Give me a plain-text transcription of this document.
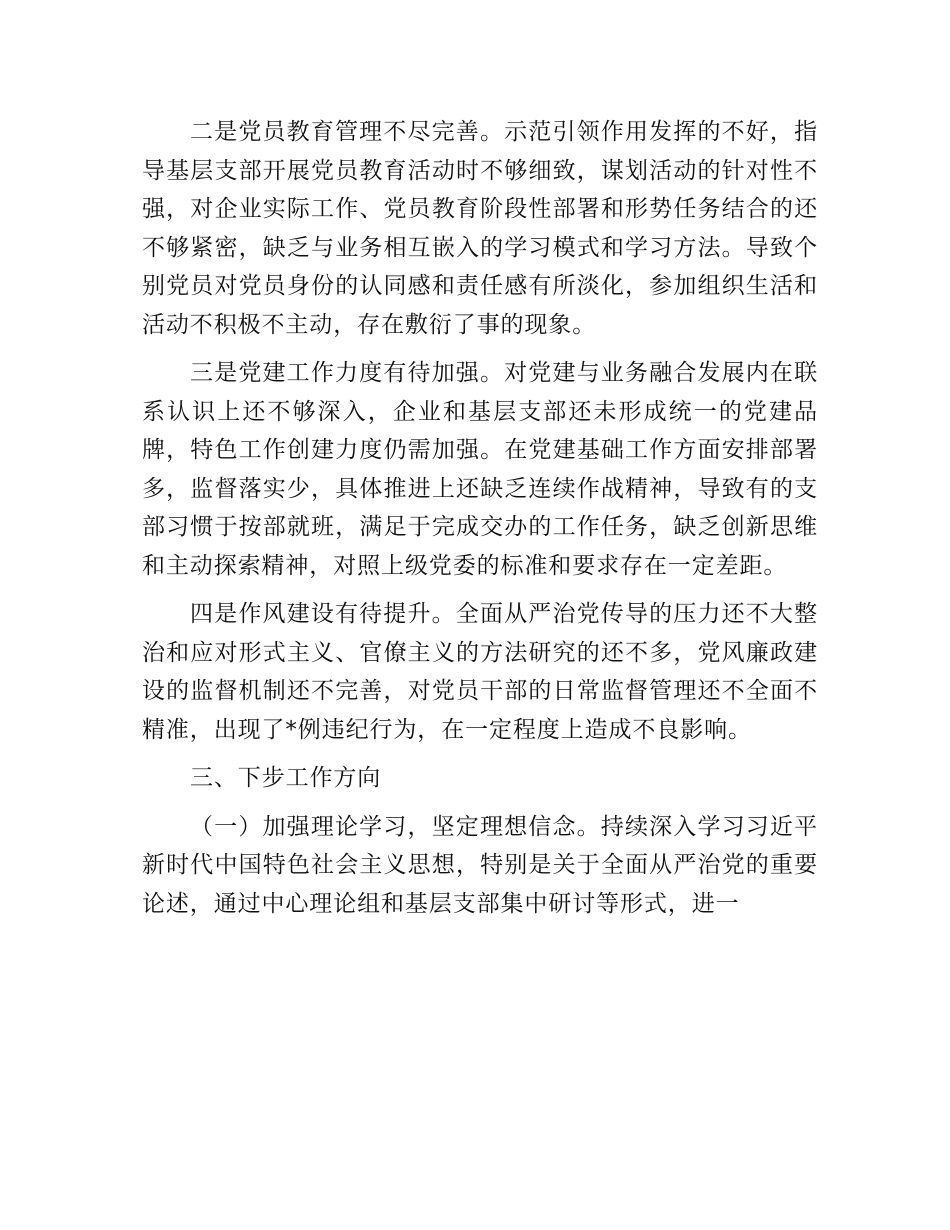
二是党员教育管理不尽完善。示范引领作用发挥的不好，指导基层支部开展党员教育活动时不够细致，谋划活动的针对性不强，对企业实际工作、党员教育阶段性部署和形势任务结合的还不够紧密，缺乏与业务相互嵌入的学习模式和学习方法。导致个别党员对党员身份的认同感和责任感有所淡化，参加组织生活和活动不积极不主动，存在敷衍了事的现象。

三是党建工作力度有待加强。对党建与业务融合发展内在联系认识上还不够深入，企业和基层支部还未形成统一的党建品牌，特色工作创建力度仍需加强。在党建基础工作方面安排部署多，监督落实少，具体推进上还缺乏连续作战精神，导致有的支部习惯于按部就班，满足于完成交办的工作任务，缺乏创新思维和主动探索精神，对照上级党委的标准和要求存在一定差距。

四是作风建设有待提升。全面从严治党传导的压力还不大整治和应对形式主义、官僚主义的方法研究的还不多，党风廉政建设的监督机制还不完善，对党员干部的日常监督管理还不全面不精准，出现了*例违纪行为，在一定程度上造成不良影响。

三、下步工作方向

（一）加强理论学习，坚定理想信念。持续深入学习习近平新时代中国特色社会主义思想，特别是关于全面从严治党的重要论述，通过中心理论组和基层支部集中研讨等形式，进一
